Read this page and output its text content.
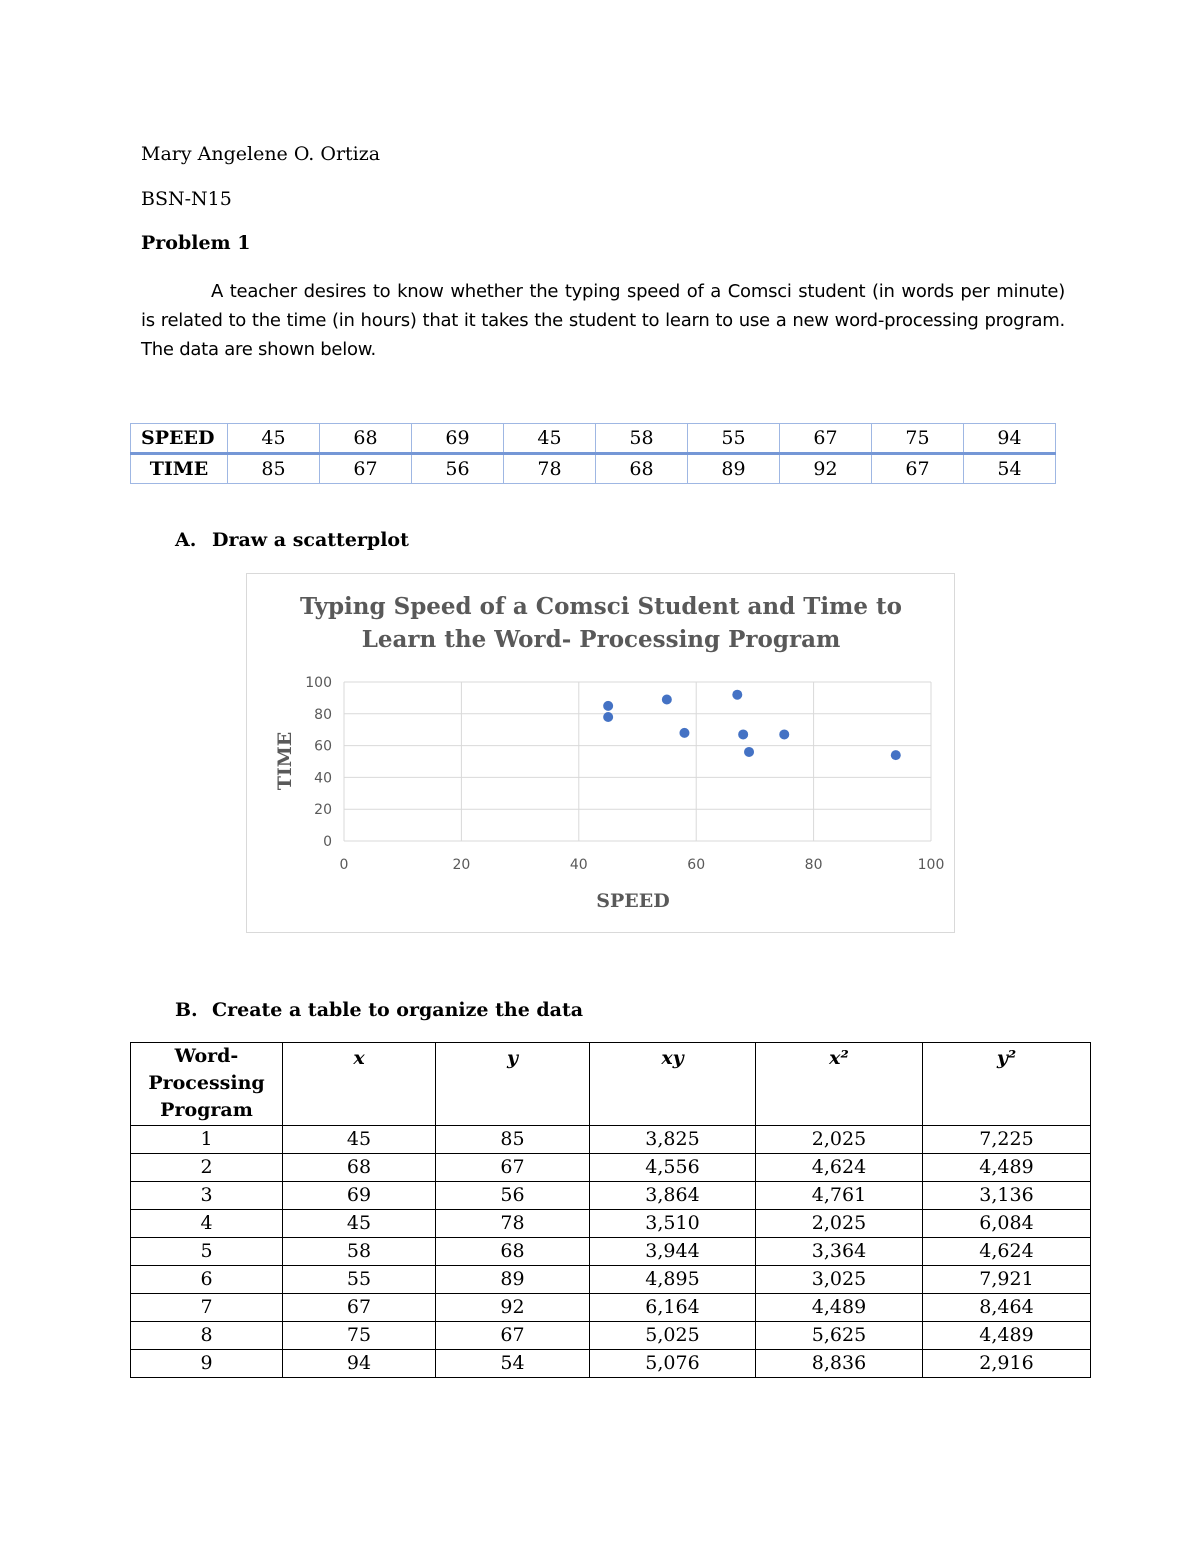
Mary Angelene O. Ortiza

BSN-N15

Problem 1

A teacher desires to know whether the typing speed of a Comsci student (in words per minute) is related to the time (in hours) that it takes the student to learn to use a new word-processing program. The data are shown below.

SPEED	45	68	69	45	58	55	67	75	94
TIME	85	67	56	78	68	89	92	67	54

A. Draw a scatterplot

Typing Speed of a Comsci Student and Time to
Learn the Word- Processing Program
0
20
40
60
80
100
0	20	40	60	80	100
SPEED
TIME

B. Create a table to organize the data

Word-
Processing
Program	x	y	xy	x²	y²
1	45	85	3,825	2,025	7,225
2	68	67	4,556	4,624	4,489
3	69	56	3,864	4,761	3,136
4	45	78	3,510	2,025	6,084
5	58	68	3,944	3,364	4,624
6	55	89	4,895	3,025	7,921
7	67	92	6,164	4,489	8,464
8	75	67	5,025	5,625	4,489
9	94	54	5,076	8,836	2,916
